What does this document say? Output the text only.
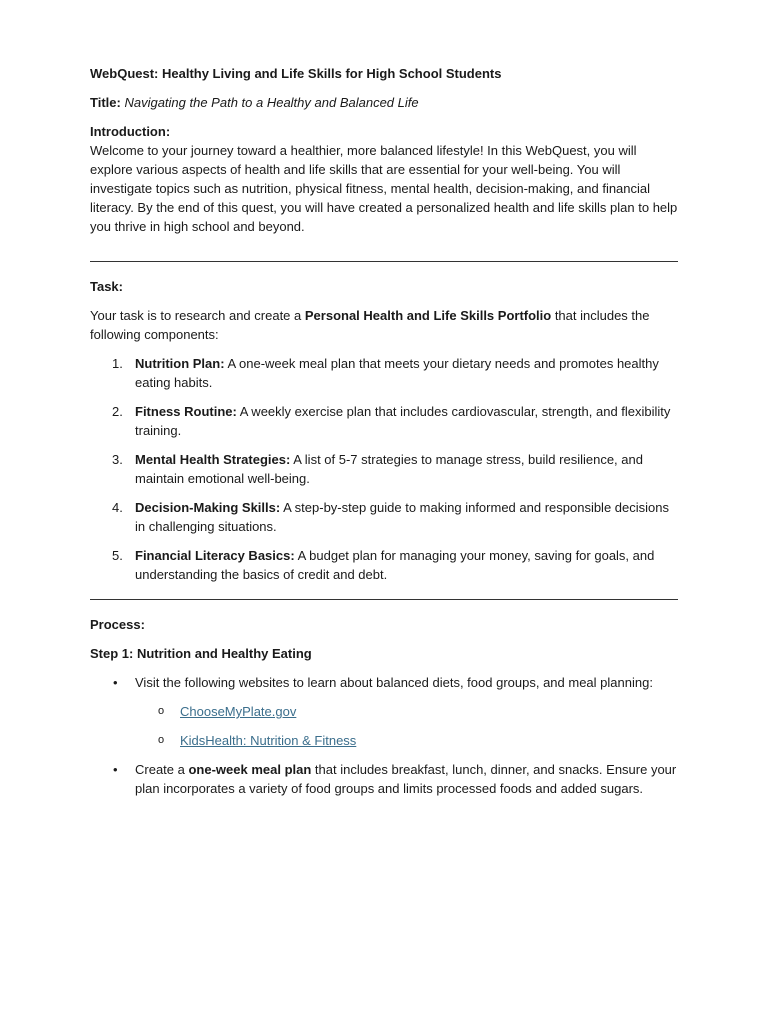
WebQuest: Healthy Living and Life Skills for High School Students

Title: Navigating the Path to a Healthy and Balanced Life

Introduction:

Welcome to your journey toward a healthier, more balanced lifestyle! In this WebQuest, you will explore various aspects of health and life skills that are essential for your well-being. You will investigate topics such as nutrition, physical fitness, mental health, decision-making, and financial literacy. By the end of this quest, you will have created a personalized health and life skills plan to help you thrive in high school and beyond.

Task:

Your task is to research and create a Personal Health and Life Skills Portfolio that includes the following components:

1. Nutrition Plan: A one-week meal plan that meets your dietary needs and promotes healthy eating habits.
2. Fitness Routine: A weekly exercise plan that includes cardiovascular, strength, and flexibility training.
3. Mental Health Strategies: A list of 5-7 strategies to manage stress, build resilience, and maintain emotional well-being.
4. Decision-Making Skills: A step-by-step guide to making informed and responsible decisions in challenging situations.
5. Financial Literacy Basics: A budget plan for managing your money, saving for goals, and understanding the basics of credit and debt.

Process:

Step 1: Nutrition and Healthy Eating

• Visit the following websites to learn about balanced diets, food groups, and meal planning:
o ChooseMyPlate.gov
o KidsHealth: Nutrition & Fitness
• Create a one-week meal plan that includes breakfast, lunch, dinner, and snacks. Ensure your plan incorporates a variety of food groups and limits processed foods and added sugars.
